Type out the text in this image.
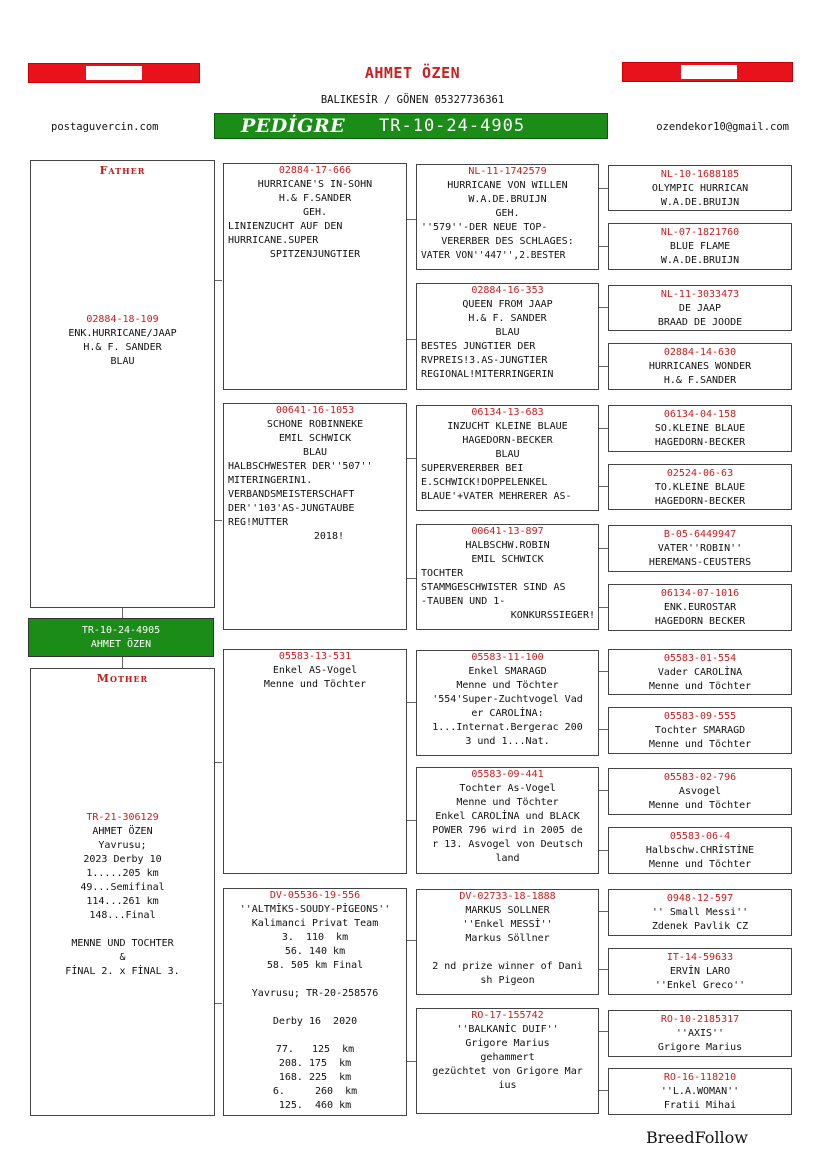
AHMET ÖZEN
BALIKESİR / GÖNEN 05327736361
postaguvercin.com	ozendekor10@gmail.com
PEDİGRE TR-10-24-4905
Father
02884-18-109
ENK.HURRICANE/JAAP
H.& F. SANDER
BLAU
TR-10-24-4905
AHMET ÖZEN
Mother
TR-21-306129
AHMET ÖZEN
Yavrusu;
2023 Derby 10
1.....205 km
49...Semifinal
114...261 km
148...Final

MENNE UND TOCHTER
&
FİNAL 2. x FİNAL 3.
02884-17-666
HURRICANE'S IN-SOHN
H.& F.SANDER
GEH.
LINIENZUCHT AUF DEN
HURRICANE.SUPER
SPITZENJUNGTIER
00641-16-1053
SCHONE ROBINNEKE
EMIL SCHWICK
BLAU
HALBSCHWESTER DER''507''
MITERINGERIN1.
VERBANDSMEISTERSCHAFT
DER''103'AS-JUNGTAUBE
REG!MUTTER
2018!
05583-13-531
Enkel AS-Vogel
Menne und Töchter
DV-05536-19-556
''ALTMİKS-SOUDY-PİGEONS''
Kalimanci Privat Team
3.  110  km
56. 140 km
58. 505 km Final

Yavrusu; TR-20-258576

Derby 16  2020

77.   125  km
208. 175  km
168. 225  km
6.     260  km
125.  460 km
NL-11-1742579
HURRICANE VON WILLEN
W.A.DE.BRUIJN
GEH.
''579''-DER NEUE TOP-
VERERBER DES SCHLAGES:
VATER VON''447'',2.BESTER
02884-16-353
QUEEN FROM JAAP
H.& F. SANDER
BLAU
BESTES JUNGTIER DER
RVPREIS!3.AS-JUNGTIER
REGIONAL!MITERRINGERIN
06134-13-683
INZUCHT KLEINE BLAUE
HAGEDORN-BECKER
BLAU
SUPERVERERBER BEI
E.SCHWICK!DOPPELENKEL
BLAUE'+VATER MEHRERER AS-
00641-13-897
HALBSCHW.ROBIN
EMIL SCHWICK
TOCHTER
STAMMGESCHWISTER SIND AS
-TAUBEN UND 1-
KONKURSSIEGER!
05583-11-100
Enkel SMARAGD
Menne und Töchter
'554'Super-Zuchtvogel Vad
er CAROLİNA:
1...Internat.Bergerac 200
3 und 1...Nat.
05583-09-441
Tochter As-Vogel
Menne und Töchter
Enkel CAROLİNA und BLACK
POWER 796 wird in 2005 de
r 13. Asvogel von Deutsch
land
DV-02733-18-1888
MARKUS SOLLNER
''Enkel MESSİ''
Markus Söllner

2 nd prize winner of Dani
sh Pigeon
RO-17-155742
''BALKANİC DUIF''
Grigore Marius
gehammert
gezüchtet von Grigore Mar
ius
NL-10-1688185
OLYMPIC HURRICAN
W.A.DE.BRUIJN
NL-07-1821760
BLUE FLAME
W.A.DE.BRUIJN
NL-11-3033473
DE JAAP
BRAAD DE JOODE
02884-14-630
HURRICANES WONDER
H.& F.SANDER
06134-04-158
SO.KLEINE BLAUE
HAGEDORN-BECKER
02524-06-63
TO.KLEINE BLAUE
HAGEDORN-BECKER
B-05-6449947
VATER''ROBIN''
HEREMANS-CEUSTERS
06134-07-1016
ENK.EUROSTAR
HAGEDORN BECKER
05583-01-554
Vader CAROLİNA
Menne und Töchter
05583-09-555
Tochter SMARAGD
Menne und Töchter
05583-02-796
Asvogel
Menne und Töchter
05583-06-4
Halbschw.CHRİSTİNE
Menne und Töchter
0948-12-597
'' Small Messi''
Zdenek Pavlik CZ
IT-14-59633
ERVİN LARO
''Enkel Greco''
RO-10-2185317
''AXIS''
Grigore Marius
RO-16-118210
''L.A.WOMAN''
Fratii Mihai
BreedFollow
